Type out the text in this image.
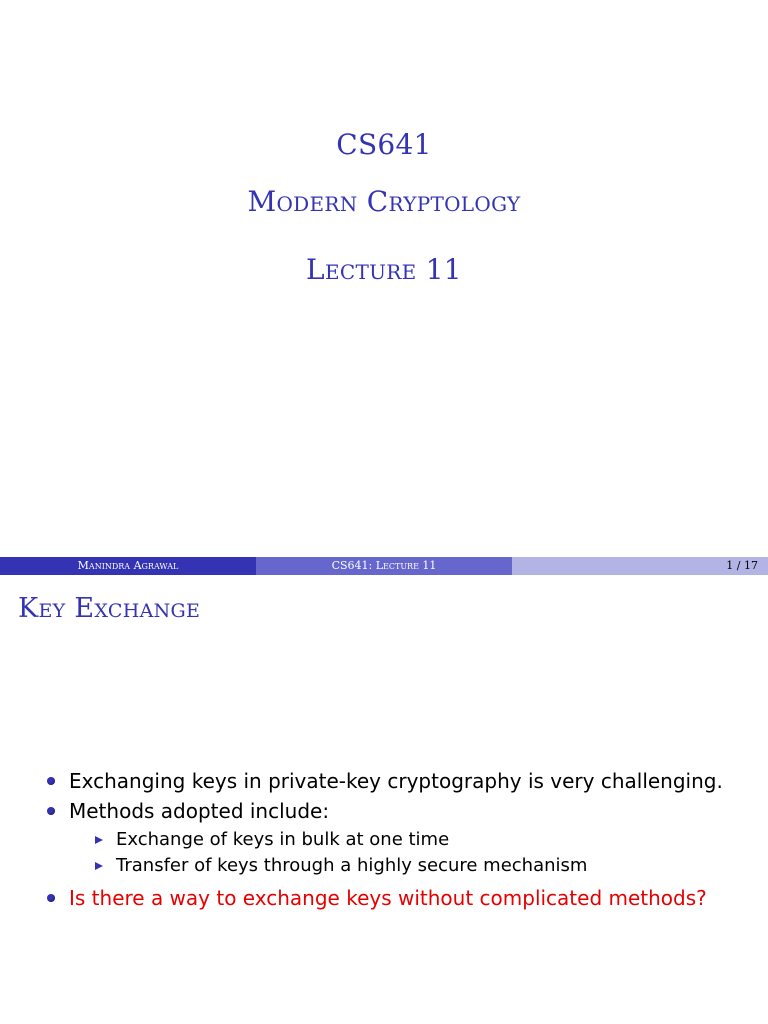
CS641
Modern Cryptology
Lecture 11
Manindra Agrawal	CS641: Lecture 11	1 / 17
Key Exchange
Exchanging keys in private-key cryptography is very challenging.
Methods adopted include:
Exchange of keys in bulk at one time
Transfer of keys through a highly secure mechanism
Is there a way to exchange keys without complicated methods?
